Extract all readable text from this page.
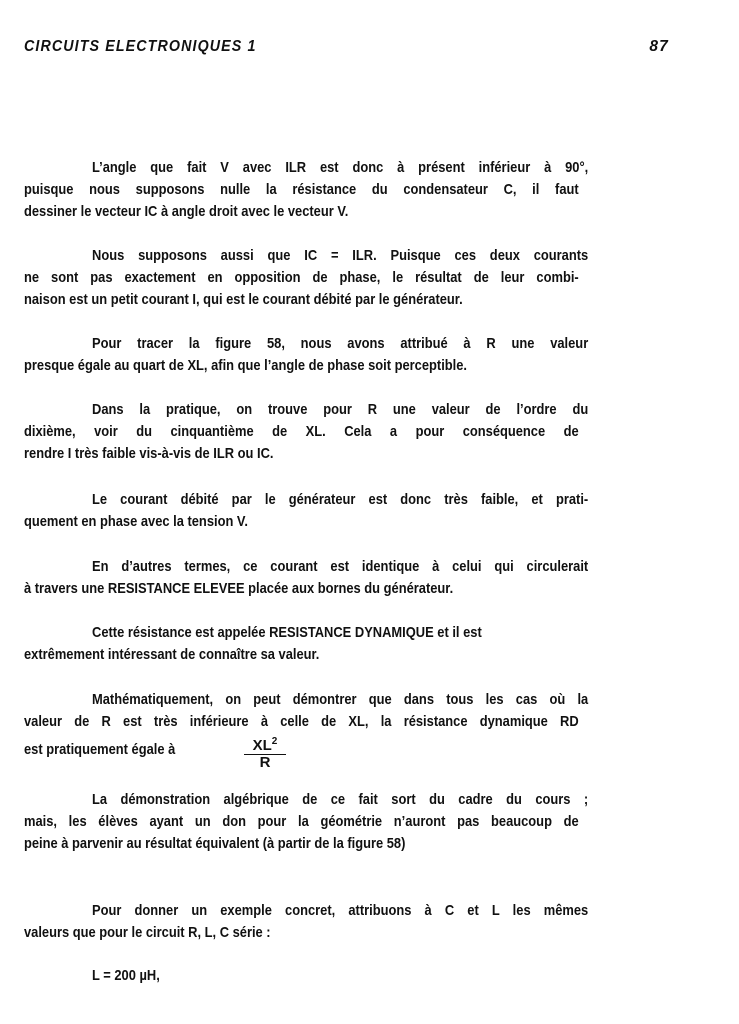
CIRCUITS ELECTRONIQUES 1	87
L’angle que fait V avec ILR est donc à présent inférieur à 90°,
puisque nous supposons nulle la résistance du condensateur C, il faut
dessiner le vecteur IC à angle droit avec le vecteur V.
Nous supposons aussi que IC = ILR. Puisque ces deux courants
ne sont pas exactement en opposition de phase, le résultat de leur combi-
naison est un petit courant I, qui est le courant débité par le générateur.
Pour tracer la figure 58, nous avons attribué à R une valeur
presque égale au quart de XL, afin que l’angle de phase soit perceptible.
Dans la pratique, on trouve pour R une valeur de l’ordre du
dixième, voir du cinquantième de XL. Cela a pour conséquence de
rendre I très faible vis-à-vis de ILR ou IC.
Le courant débité par le générateur est donc très faible, et prati-
quement en phase avec la tension V.
En d’autres termes, ce courant est identique à celui qui circulerait
à travers une RESISTANCE ELEVEE placée aux bornes du générateur.
Cette résistance est appelée RESISTANCE DYNAMIQUE et il est
extrêmement intéressant de connaître sa valeur.
Mathématiquement, on peut démontrer que dans tous les cas où la
valeur de R est très inférieure à celle de XL, la résistance dynamique RD
est pratiquement égale à	$\frac{XL^2}{R}$
La démonstration algébrique de ce fait sort du cadre du cours ;
mais, les élèves ayant un don pour la géométrie n’auront pas beaucoup de
peine à parvenir au résultat équivalent (à partir de la figure 58)
Pour donner un exemple concret, attribuons à C et L les mêmes
valeurs que pour le circuit R, L, C série :
L = 200 µH,
